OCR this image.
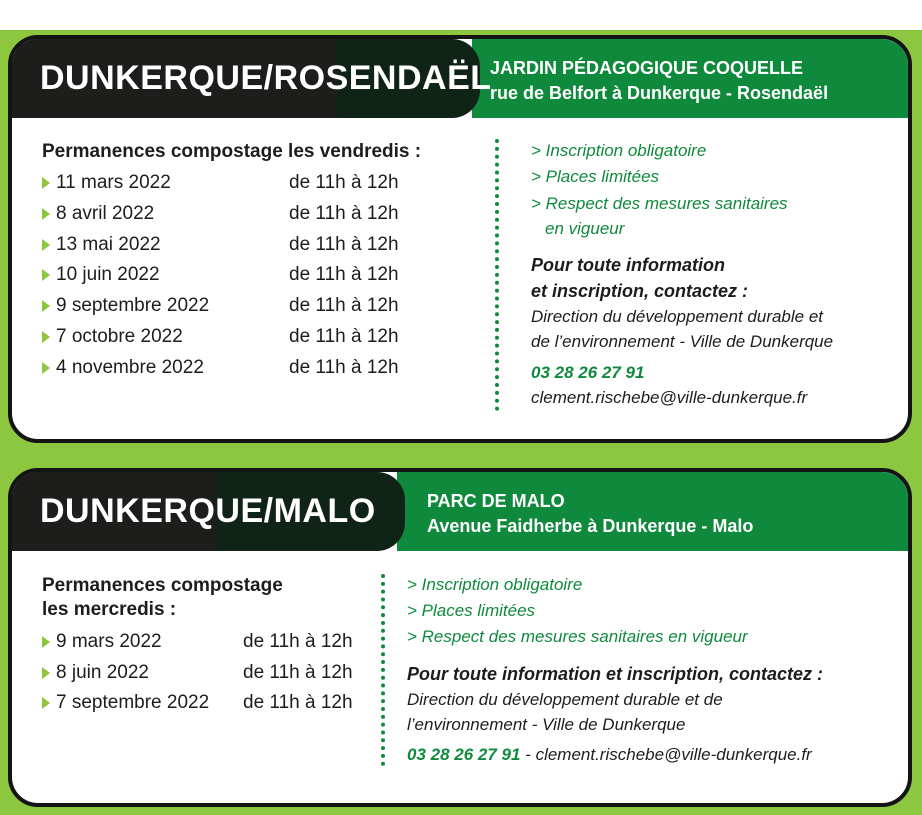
DUNKERQUE/ROSENDAËL
JARDIN PÉDAGOGIQUE COQUELLE
rue de Belfort à Dunkerque - Rosendaël
Permanences compostage les vendredis :
11 mars 2022	de 11h à 12h
8 avril 2022	de 11h à 12h
13 mai 2022	de 11h à 12h
10 juin 2022	de 11h à 12h
9 septembre 2022	de 11h à 12h
7 octobre 2022	de 11h à 12h
4 novembre 2022	de 11h à 12h
> Inscription obligatoire
> Places limitées
> Respect des mesures sanitaires
en vigueur
Pour toute information
et inscription, contactez :
Direction du développement durable et
de l’environnement - Ville de Dunkerque
03 28 26 27 91
clement.rischebe@ville-dunkerque.fr
DUNKERQUE/MALO	PARC DE MALO
Avenue Faidherbe à Dunkerque - Malo
Permanences compostage
les mercredis :
9 mars 2022	de 11h à 12h
8 juin 2022	de 11h à 12h
7 septembre 2022 de 11h à 12h
> Inscription obligatoire
> Places limitées
> Respect des mesures sanitaires en vigueur
Pour toute information et inscription, contactez :
Direction du développement durable et de
l’environnement - Ville de Dunkerque
03 28 26 27 91 - clement.rischebe@ville-dunkerque.fr
